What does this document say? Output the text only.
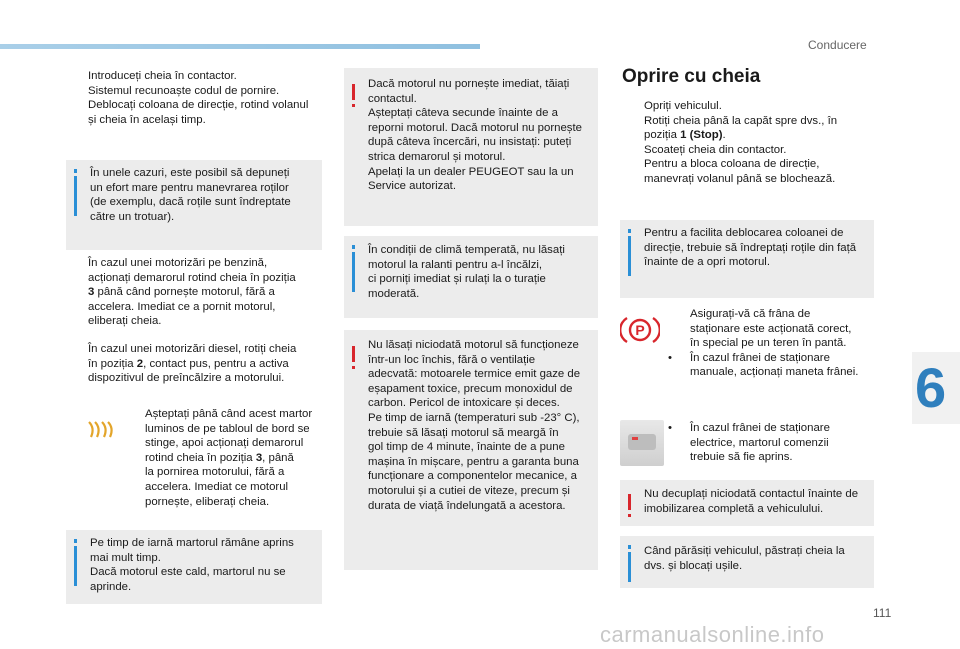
Conducere
6
111
carmanualsonline.info
Introduceți cheia în contactor.
Sistemul recunoaște codul de pornire.
Deblocați coloana de direcție, rotind volanul
și cheia în același timp.
În unele cazuri, este posibil să depuneți
un efort mare pentru manevrarea roților
(de exemplu, dacă roțile sunt îndreptate
către un trotuar).
În cazul unei motorizări pe benzină,
acționați demarorul rotind cheia în poziția
3 până când pornește motorul, fără a
accelera. Imediat ce a pornit motorul,
eliberați cheia.
În cazul unei motorizări diesel, rotiți cheia
în poziția 2, contact pus, pentru a activa
dispozitivul de preîncălzire a motorului.
Așteptați până când acest martor
luminos de pe tabloul de bord se
stinge, apoi acționați demarorul
rotind cheia în poziția 3, până
la pornirea motorului, fără a
accelera. Imediat ce motorul
pornește, eliberați cheia.
Pe timp de iarnă martorul rămâne aprins
mai mult timp.
Dacă motorul este cald, martorul nu se
aprinde.
Dacă motorul nu pornește imediat, tăiați
contactul.
Așteptați câteva secunde înainte de a
reporni motorul. Dacă motorul nu pornește
după câteva încercări, nu insistați: puteți
strica demarorul și motorul.
Apelați la un dealer PEUGEOT sau la un
Service autorizat.
În condiții de climă temperată, nu lăsați
motorul la ralanti pentru a-l încălzi,
ci porniți imediat și rulați la o turație
moderată.
Nu lăsați niciodată motorul să funcționeze
într-un loc închis, fără o ventilație
adecvată: motoarele termice emit gaze de
eșapament toxice, precum monoxidul de
carbon. Pericol de intoxicare și deces.
Pe timp de iarnă (temperaturi sub -23° C),
trebuie să lăsați motorul să meargă în
gol timp de 4 minute, înainte de a pune
mașina în mișcare, pentru a garanta buna
funcționare a componentelor mecanice, a
motorului și a cutiei de viteze, precum și
durata de viață îndelungată a acestora.
Oprire cu cheia
Opriți vehiculul.
Rotiți cheia până la capăt spre dvs., în
poziția 1 (Stop).
Scoateți cheia din contactor.
Pentru a bloca coloana de direcție,
manevrați volanul până se blochează.
Pentru a facilita deblocarea coloanei de
direcție, trebuie să îndreptați roțile din față
înainte de a opri motorul.
P
Asigurați-vă că frâna de
staționare este acționată corect,
în special pe un teren în pantă.
• În cazul frânei de staționare
manuale, acționați maneta frânei.
• În cazul frânei de staționare
electrice, martorul comenzii
trebuie să fie aprins.
Nu decuplați niciodată contactul înainte de
imobilizarea completă a vehiculului.
Când părăsiți vehiculul, păstrați cheia la
dvs. și blocați ușile.
